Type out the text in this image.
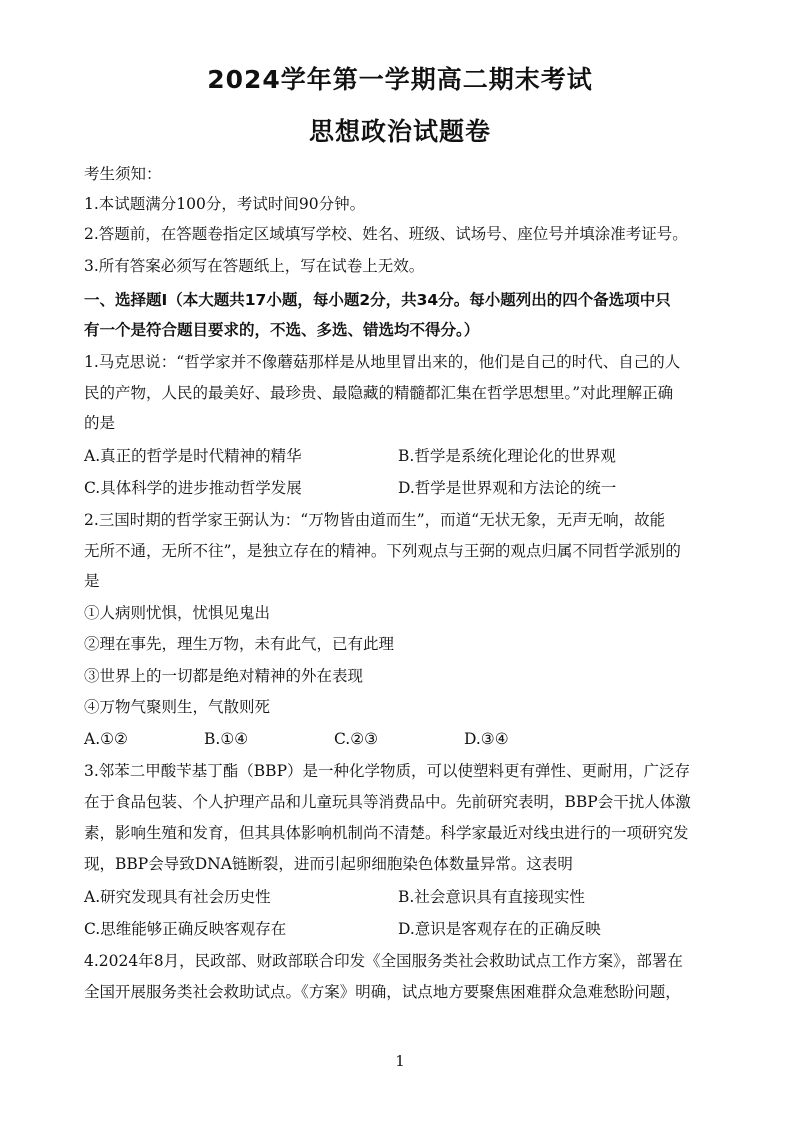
2024学年第一学期高二期末考试
思想政治试题卷
考生须知：
1.本试题满分100分，考试时间90分钟。
2.答题前，在答题卷指定区域填写学校、姓名、班级、试场号、座位号并填涂准考证号。
3.所有答案必须写在答题纸上，写在试卷上无效。
一、选择题Ⅰ（本大题共17小题，每小题2分，共34分。每小题列出的四个备选项中只
有一个是符合题目要求的，不选、多选、错选均不得分。）
1.马克思说：“哲学家并不像蘑菇那样是从地里冒出来的，他们是自己的时代、自己的人
民的产物，人民的最美好、最珍贵、最隐藏的精髓都汇集在哲学思想里。”对此理解正确
的是
A.真正的哲学是时代精神的精华	B.哲学是系统化理论化的世界观
C.具体科学的进步推动哲学发展	D.哲学是世界观和方法论的统一
2.三国时期的哲学家王弼认为：“万物皆由道而生”，而道“无状无象，无声无响，故能
无所不通，无所不往”，是独立存在的精神。下列观点与王弼的观点归属不同哲学派别的
是
①人病则忧惧，忧惧见鬼出
②理在事先，理生万物，未有此气，已有此理
③世界上的一切都是绝对精神的外在表现
④万物气聚则生，气散则死
A.①②	B.①④	C.②③	D.③④
3.邻苯二甲酸苄基丁酯（BBP）是一种化学物质，可以使塑料更有弹性、更耐用，广泛存
在于食品包装、个人护理产品和儿童玩具等消费品中。先前研究表明，BBP会干扰人体激
素，影响生殖和发育，但其具体影响机制尚不清楚。科学家最近对线虫进行的一项研究发
现，BBP会导致DNA链断裂，进而引起卵细胞染色体数量异常。这表明
A.研究发现具有社会历史性	B.社会意识具有直接现实性
C.思维能够正确反映客观存在	D.意识是客观存在的正确反映
4.2024年8月，民政部、财政部联合印发《全国服务类社会救助试点工作方案》，部署在
全国开展服务类社会救助试点。《方案》明确，试点地方要聚焦困难群众急难愁盼问题，
1
